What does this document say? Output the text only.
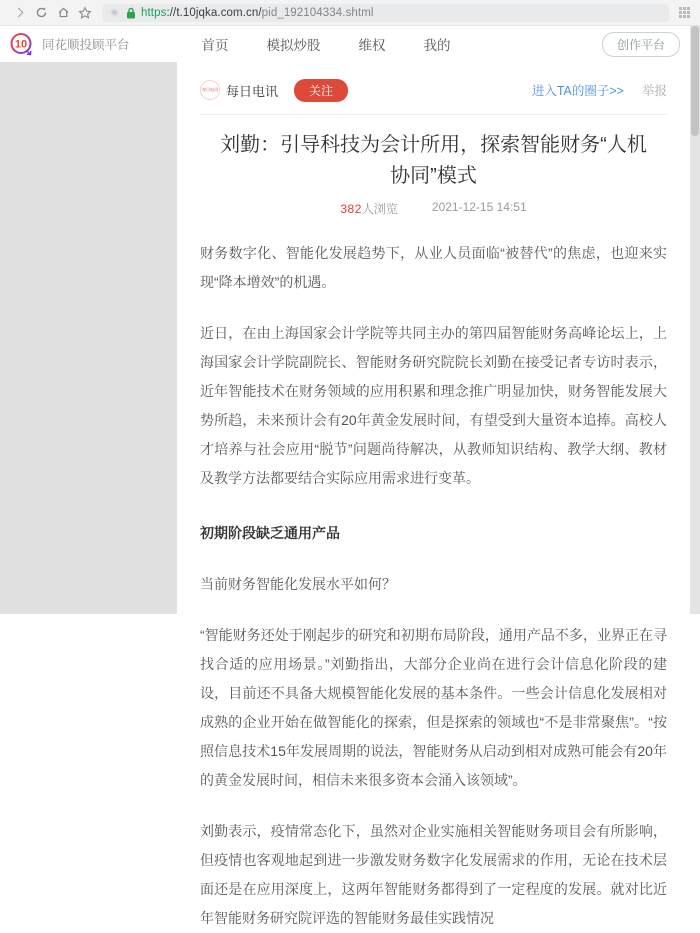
https://t.10jqka.com.cn/pid_192104334.shtml
10 同花顺投顾平台	首页	模拟炒股	维权	我的	创作平台
每日电讯 每日电讯	关注	进入TA的圈子>> 举报
刘勤：引导科技为会计所用，探索智能财务“人机协同”模式
382人浏览	2021-12-15 14:51

财务数字化、智能化发展趋势下，从业人员面临“被替代”的焦虑，也迎来实现“降本增效”的机遇。

近日，在由上海国家会计学院等共同主办的第四届智能财务高峰论坛上，上海国家会计学院副院长、智能财务研究院院长刘勤在接受记者专访时表示，近年智能技术在财务领域的应用积累和理念推广明显加快，财务智能发展大势所趋，未来预计会有20年黄金发展时间，有望受到大量资本追捧。高校人才培养与社会应用“脱节”问题尚待解决，从教师知识结构、教学大纲、教材及教学方法都要结合实际应用需求进行变革。

初期阶段缺乏通用产品

当前财务智能化发展水平如何？

“智能财务还处于刚起步的研究和初期布局阶段，通用产品不多，业界正在寻找合适的应用场景。”刘勤指出，大部分企业尚在进行会计信息化阶段的建设，目前还不具备大规模智能化发展的基本条件。一些会计信息化发展相对成熟的企业开始在做智能化的探索，但是探索的领域也“不是非常聚焦”。“按照信息技术15年发展周期的说法，智能财务从启动到相对成熟可能会有20年的黄金发展时间，相信未来很多资本会涌入该领域”。

刘勤表示，疫情常态化下，虽然对企业实施相关智能财务项目会有所影响，但疫情也客观地起到进一步激发财务数字化发展需求的作用，无论在技术层面还是在应用深度上，这两年智能财务都得到了一定程度的发展。就对比近年智能财务研究院评选的智能财务最佳实践情况
